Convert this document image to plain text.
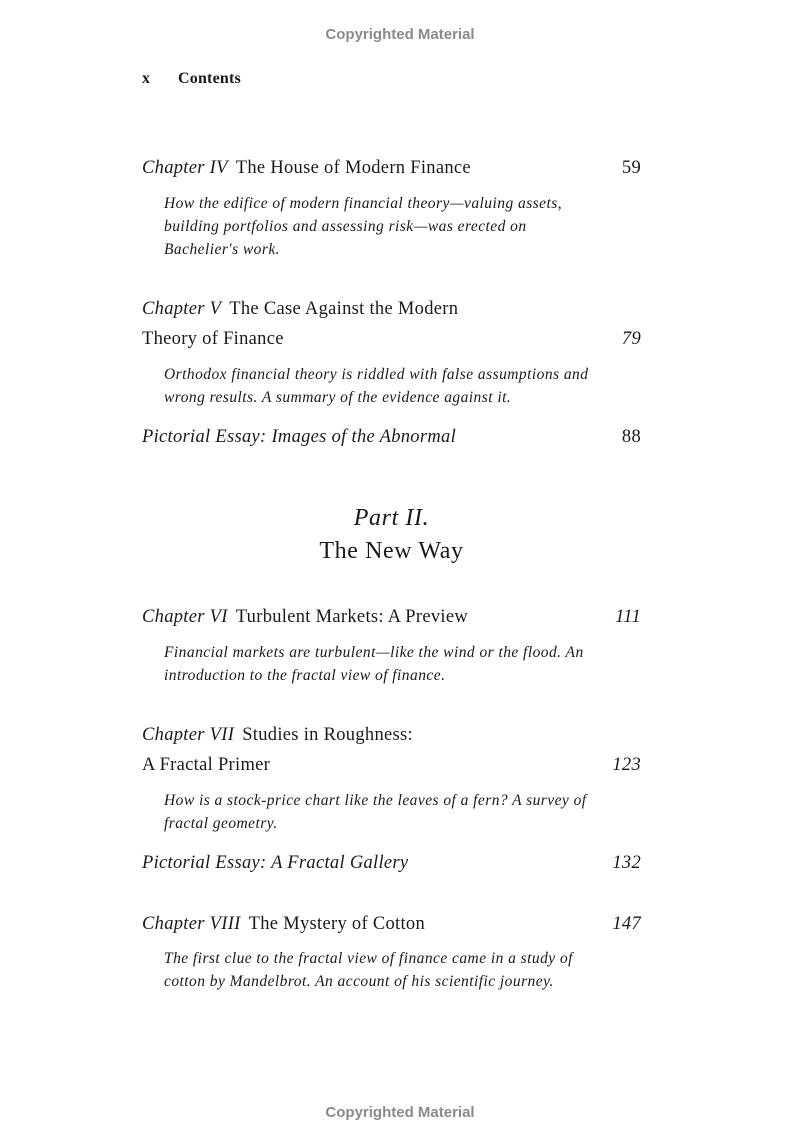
Copyrighted Material
x Contents
Chapter IV The House of Modern Finance	59
How the edifice of modern financial theory—valuing assets,
building portfolios and assessing risk—was erected on
Bachelier's work.
Chapter V The Case Against the Modern
Theory of Finance	79
Orthodox financial theory is riddled with false assumptions and
wrong results. A summary of the evidence against it.
Pictorial Essay: Images of the Abnormal	88
Part II.
The New Way
Chapter VI Turbulent Markets: A Preview	111
Financial markets are turbulent—like the wind or the flood. An
introduction to the fractal view of finance.
Chapter VII Studies in Roughness:
A Fractal Primer	123
How is a stock-price chart like the leaves of a fern? A survey of
fractal geometry.
Pictorial Essay: A Fractal Gallery	132
Chapter VIII The Mystery of Cotton	147
The first clue to the fractal view of finance came in a study of
cotton by Mandelbrot. An account of his scientific journey.
Copyrighted Material
